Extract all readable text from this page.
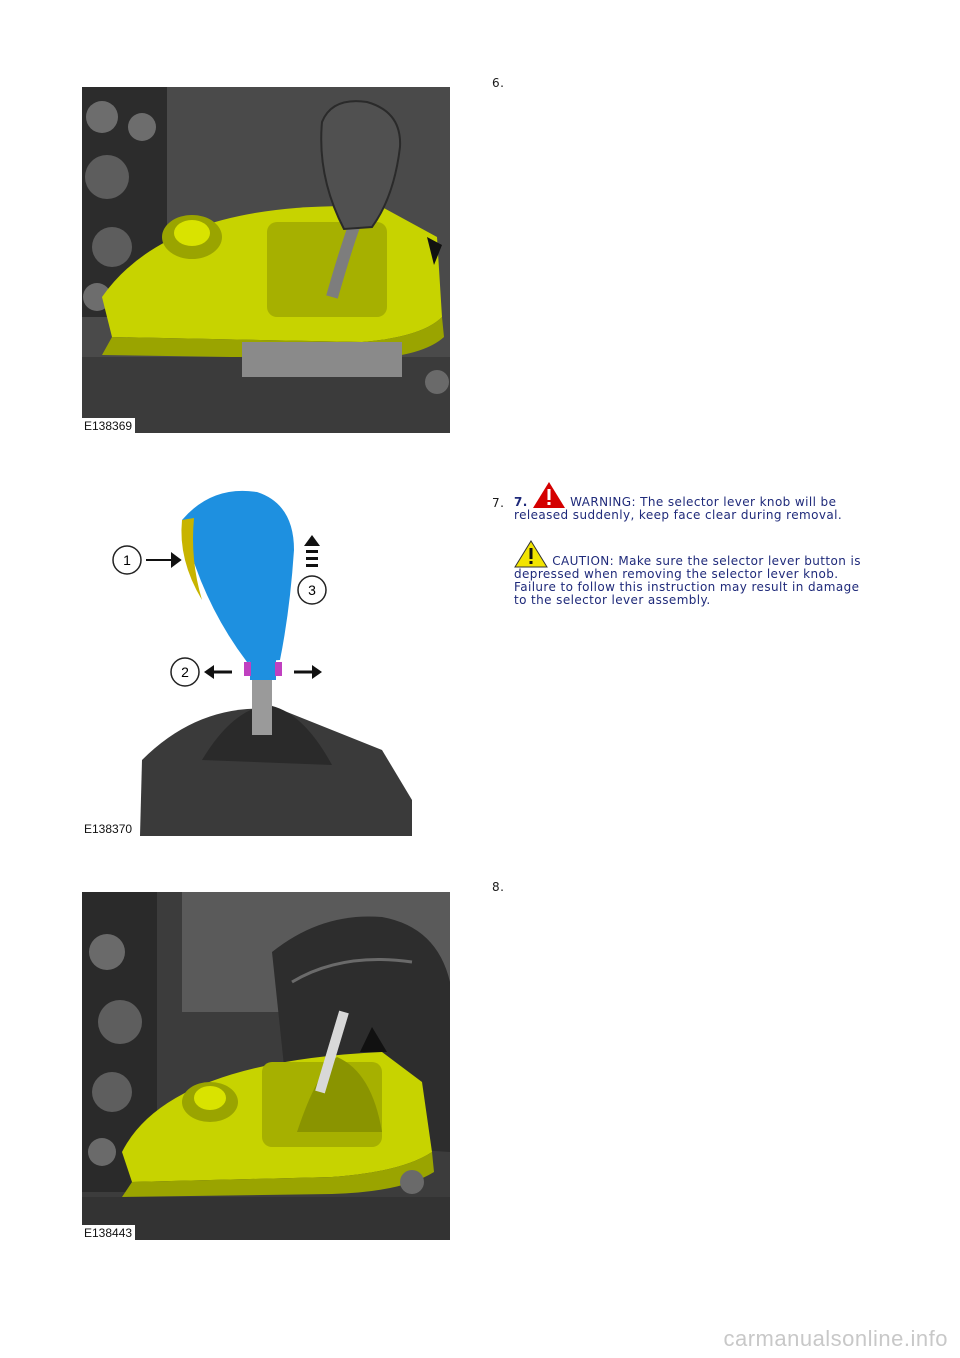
6.
E138369
7. 7.	WARNING: The selector lever knob will be
released suddenly, keep face clear during removal.
CAUTION: Make sure the selector lever button is
depressed when removing the selector lever knob.
Failure to follow this instruction may result in damage
to the selector lever assembly.
1
2
3
E138370
8.
E138443
carmanualsonline.info
